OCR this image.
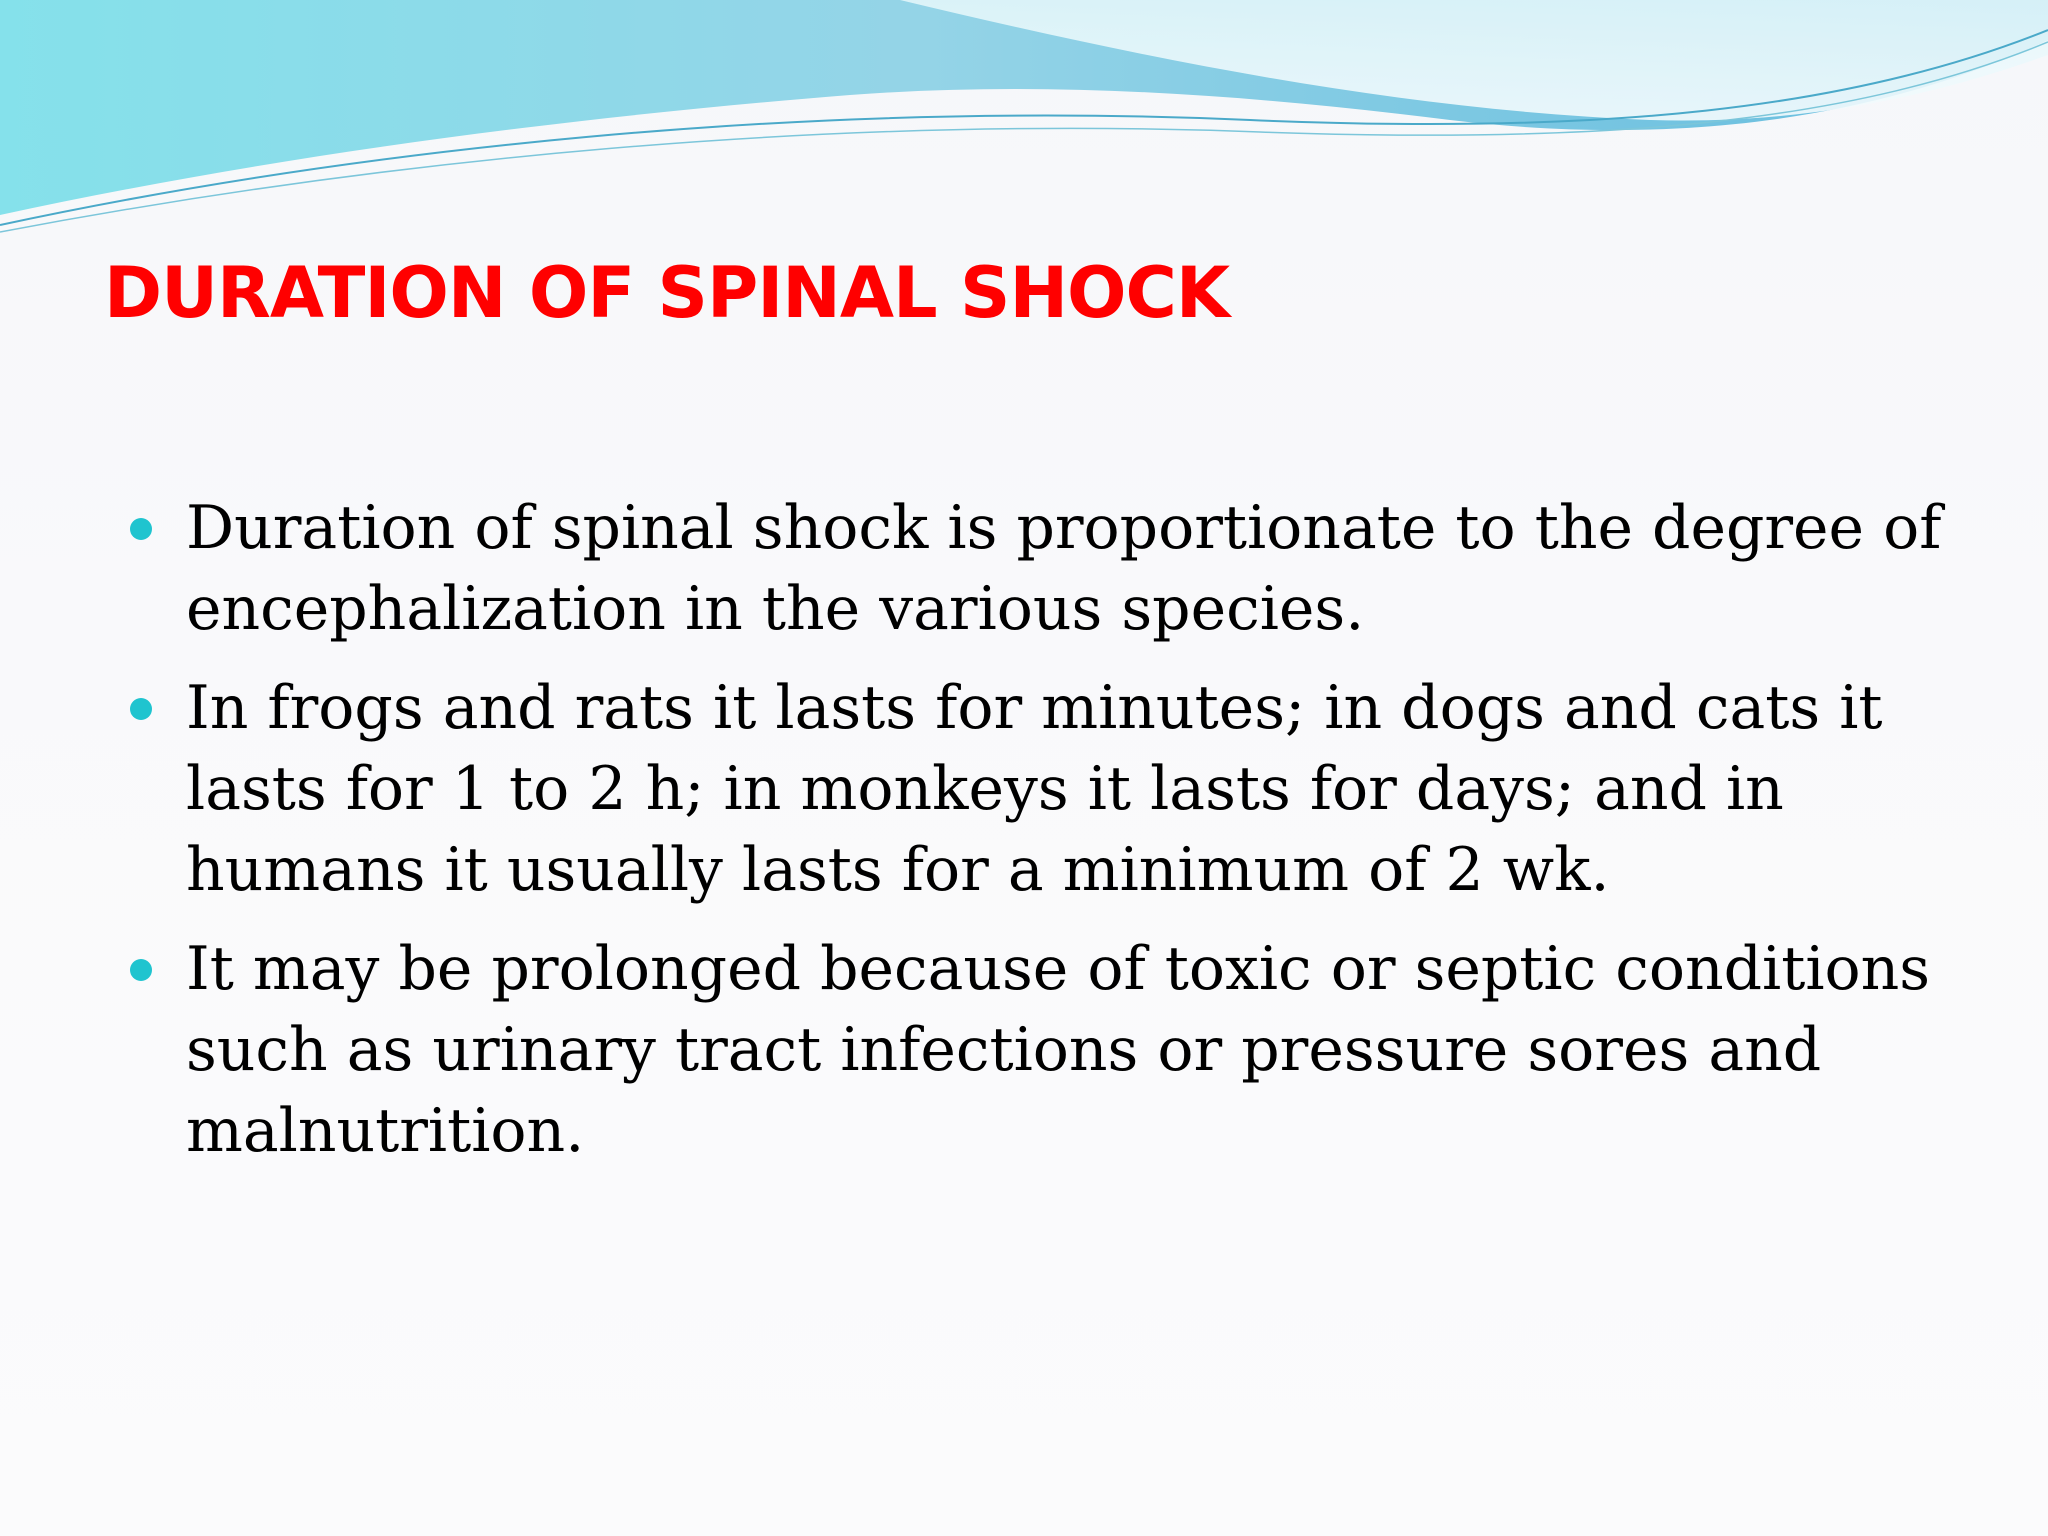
DURATION OF SPINAL SHOCK
Duration of spinal shock is proportionate to the degree of encephalization in the various species.
In frogs and rats it lasts for minutes; in dogs and cats it lasts for 1 to 2 h; in monkeys it lasts for days; and in humans it usually lasts for a minimum of 2 wk.
It may be prolonged because of toxic or septic conditions such as urinary tract infections or pressure sores and malnutrition.
